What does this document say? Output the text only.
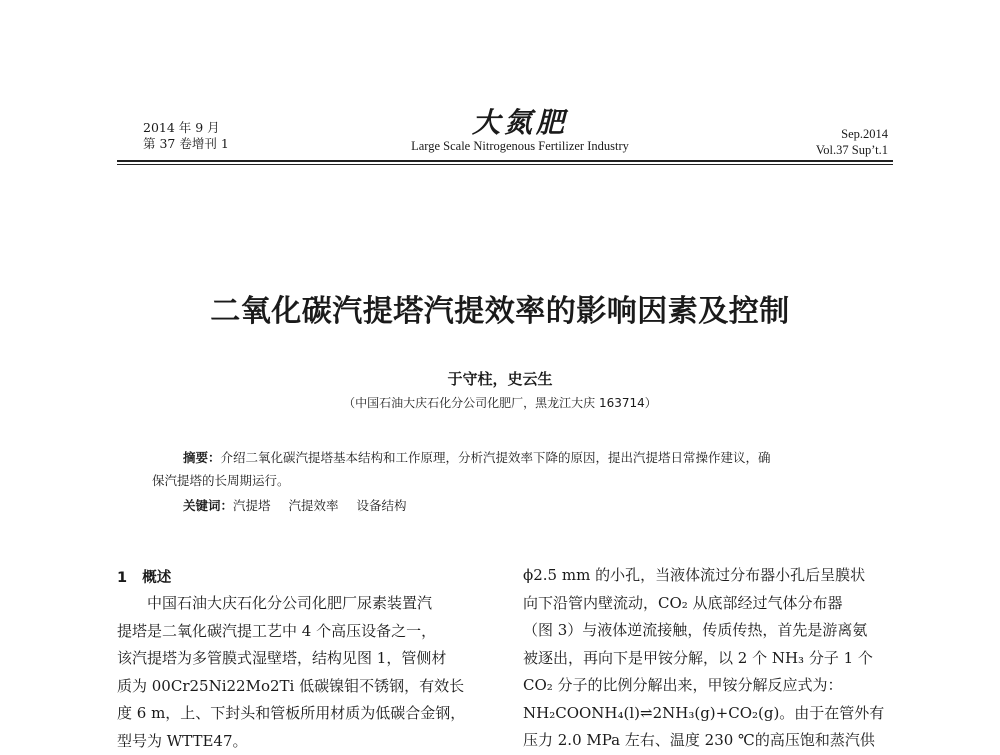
2014 年 9 月
第 37 卷增刊 1
大氮肥
Large Scale Nitrogenous Fertilizer Industry
Sep.2014
Vol.37 Sup’t.1
二氧化碳汽提塔汽提效率的影响因素及控制
于守柱，史云生
（中国石油大庆石化分公司化肥厂，黑龙江大庆 163714）
摘要：介绍二氧化碳汽提塔基本结构和工作原理，分析汽提效率下降的原因，提出汽提塔日常操作建议，确
保汽提塔的长周期运行。
关键词：汽提塔 汽提效率 设备结构
1 概述
中国石油大庆石化分公司化肥厂尿素装置汽
提塔是二氧化碳汽提工艺中 4 个高压设备之一，
该汽提塔为多管膜式湿壁塔，结构见图 1，管侧材
质为 00Cr25Ni22Mo2Ti 低碳镍钼不锈钢，有效长
度 6 m，上、下封头和管板所用材质为低碳合金钢，
型号为 WTTE47。
ϕ2.5 mm 的小孔，当液体流过分布器小孔后呈膜状
向下沿管内壁流动，CO₂ 从底部经过气体分布器
（图 3）与液体逆流接触，传质传热，首先是游离氨
被逐出，再向下是甲铵分解，以 2 个 NH₃ 分子 1 个
CO₂ 分子的比例分解出来，甲铵分解反应式为：
NH₂COONH₄(l)⇌2NH₃(g)+CO₂(g)。由于在管外有
压力 2.0 MPa 左右、温度 230 ℃的高压饱和蒸汽供
